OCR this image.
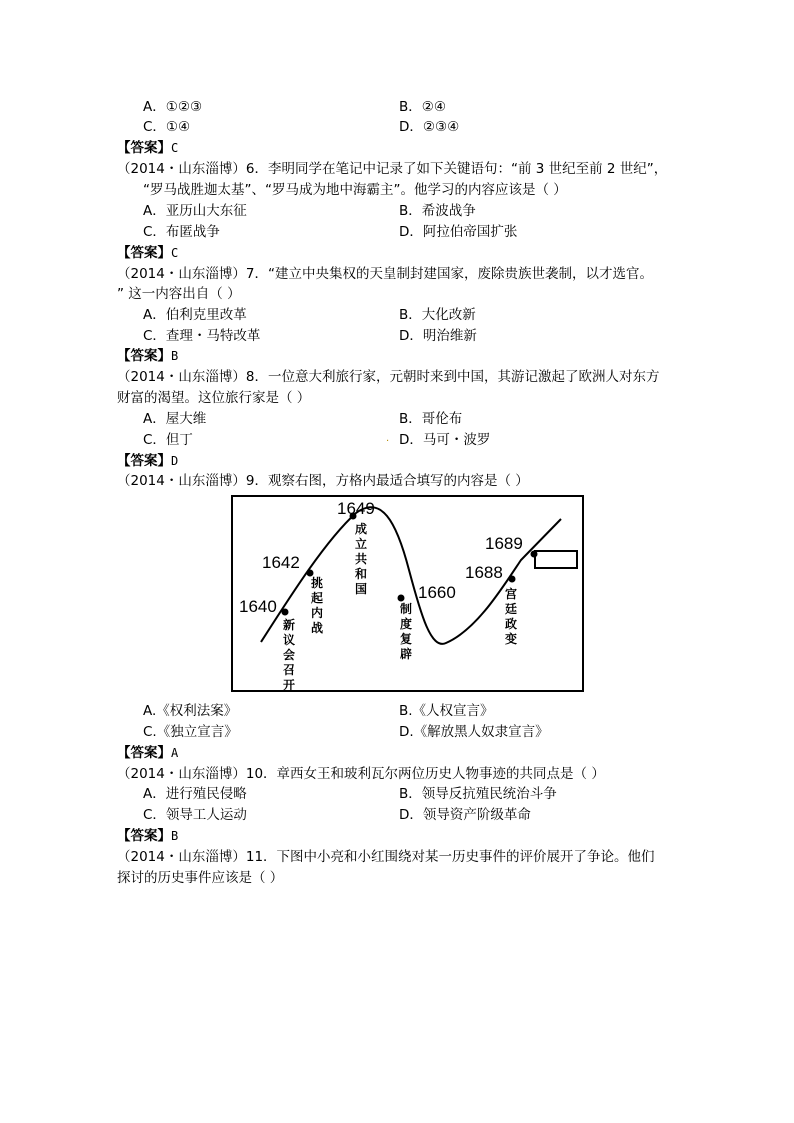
A．①②③	B．②④
C．①④	D．②③④
【答案】C
（2014・山东淄博）6．李明同学在笔记中记录了如下关键语句：“前 3 世纪至前 2 世纪”，
“罗马战胜迦太基”、“罗马成为地中海霸主”。他学习的内容应该是（ ）
A．亚历山大东征	B．希波战争
C．布匿战争	D．阿拉伯帝国扩张
【答案】C
（2014・山东淄博）7．“建立中央集权的天皇制封建国家，废除贵族世袭制，以才选官。
” 这一内容出自（ ）
A．伯利克里改革	B．大化改新
C．查理・马特改革	D．明治维新
【答案】B
（2014・山东淄博）8．一位意大利旅行家，元朝时来到中国，其游记激起了欧洲人对东方
财富的渴望。这位旅行家是（ ）
A．屋大维	B．哥伦布
C．但丁	· D．马可・波罗
【答案】D
（2014・山东淄博）9．观察右图，方格内最适合填写的内容是（ ）
1640
1642
1649
1660
1688
1689
新议会召开
挑起内战
成立共和国
制度复辟
宫廷政变
A.《权利法案》	B.《人权宣言》
C.《独立宣言》	D.《解放黑人奴隶宣言》
【答案】A
（2014・山东淄博）10．章西女王和玻利瓦尔两位历史人物事迹的共同点是（ ）
A．进行殖民侵略	B．领导反抗殖民统治斗争
C．领导工人运动	D．领导资产阶级革命
【答案】B
（2014・山东淄博）11．下图中小亮和小红围绕对某一历史事件的评价展开了争论。他们
探讨的历史事件应该是（ ）
